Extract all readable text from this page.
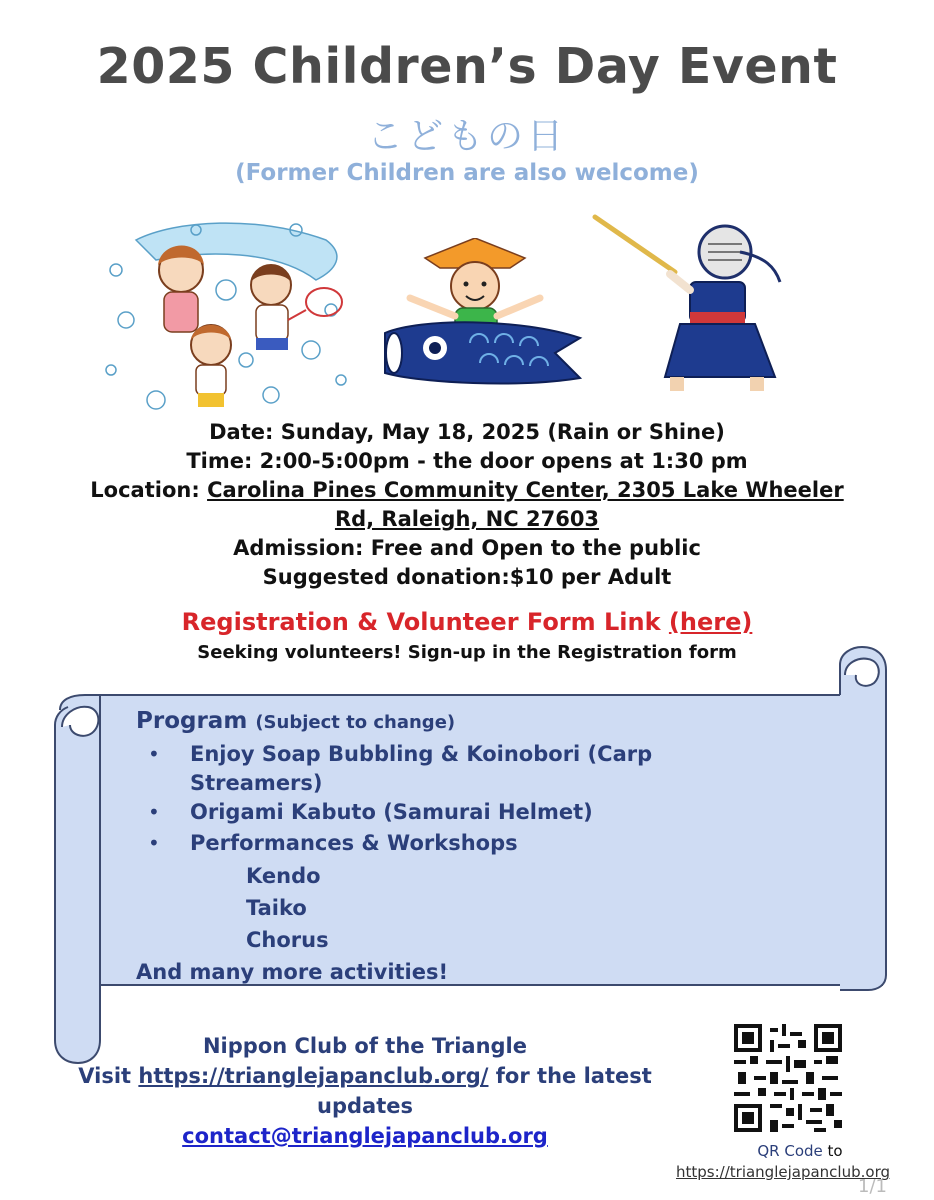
2025 Children’s Day Event
こどもの日
(Former Children are also welcome)
Date: Sunday, May 18, 2025 (Rain or Shine)
Time: 2:00-5:00pm - the door opens at 1:30 pm
Location: Carolina Pines Community Center, 2305 Lake Wheeler
Rd, Raleigh, NC 27603
Admission: Free and Open to the public
Suggested donation:$10 per Adult
Registration & Volunteer Form Link (here)
Seeking volunteers! Sign-up in the Registration form
Program (Subject to change)
• Enjoy Soap Bubbling & Koinobori (Carp Streamers)
• Origami Kabuto (Samurai Helmet)
• Performances & Workshops
Kendo
Taiko
Chorus
And many more activities!
Nippon Club of the Triangle
Visit https://trianglejapanclub.org/ for the latest
updates
contact@trianglejapanclub.org
QR Code to
https://trianglejapanclub.org
1/1
